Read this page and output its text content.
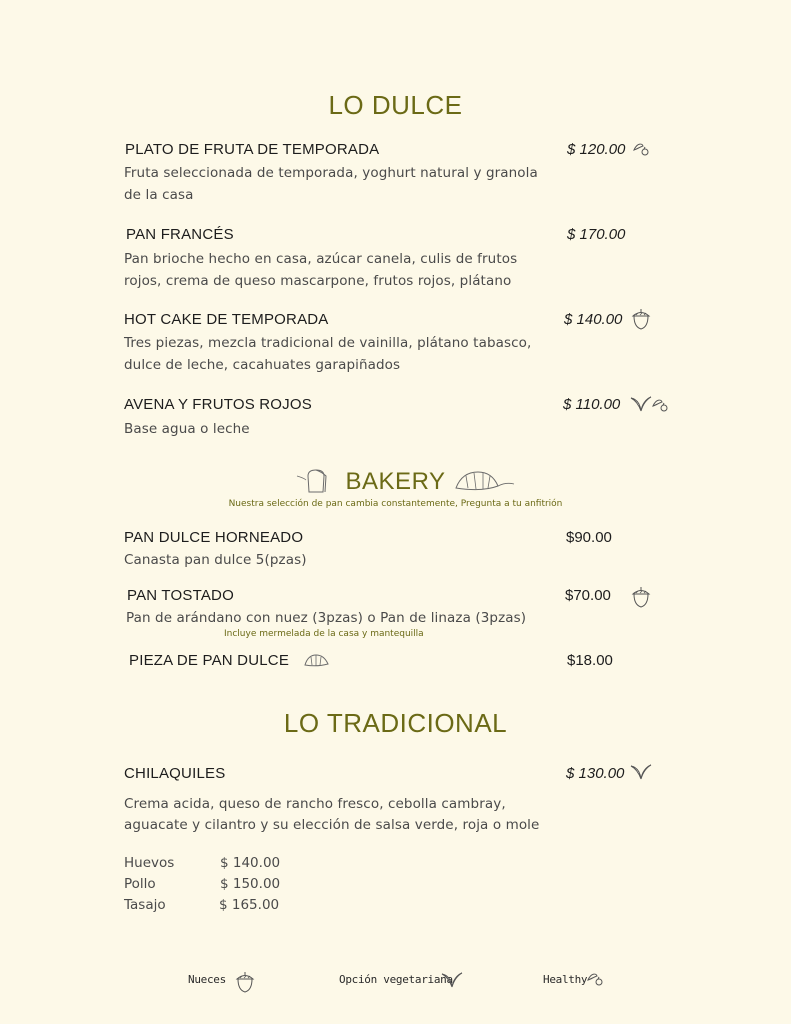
LO DULCE
PLATO DE FRUTA DE TEMPORADA	$ 120.00
Fruta seleccionada de temporada, yoghurt natural y granola
de la casa
PAN FRANCÉS	$ 170.00
Pan brioche hecho en casa, azúcar canela, culis de frutos
rojos, crema de queso mascarpone, frutos rojos, plátano
HOT CAKE DE TEMPORADA	$ 140.00
Tres piezas, mezcla tradicional de vainilla, plátano tabasco,
dulce de leche, cacahuates garapiñados
AVENA Y FRUTOS ROJOS	$ 110.00
Base agua o leche
BAKERY
Nuestra selección de pan cambia constantemente, Pregunta a tu anfitrión
PAN DULCE HORNEADO	$90.00
Canasta pan dulce 5(pzas)
PAN TOSTADO	$70.00
Pan de arándano con nuez (3pzas) o Pan de linaza (3pzas)
Incluye mermelada de la casa y mantequilla
PIEZA DE PAN DULCE	$18.00
LO TRADICIONAL
CHILAQUILES	$ 130.00
Crema acida, queso de rancho fresco, cebolla cambray,
aguacate y cilantro y su elección de salsa verde, roja o mole
Huevos	$ 140.00
Pollo	$ 150.00
Tasajo	$ 165.00
Nueces	Opción vegetariana	Healthy
